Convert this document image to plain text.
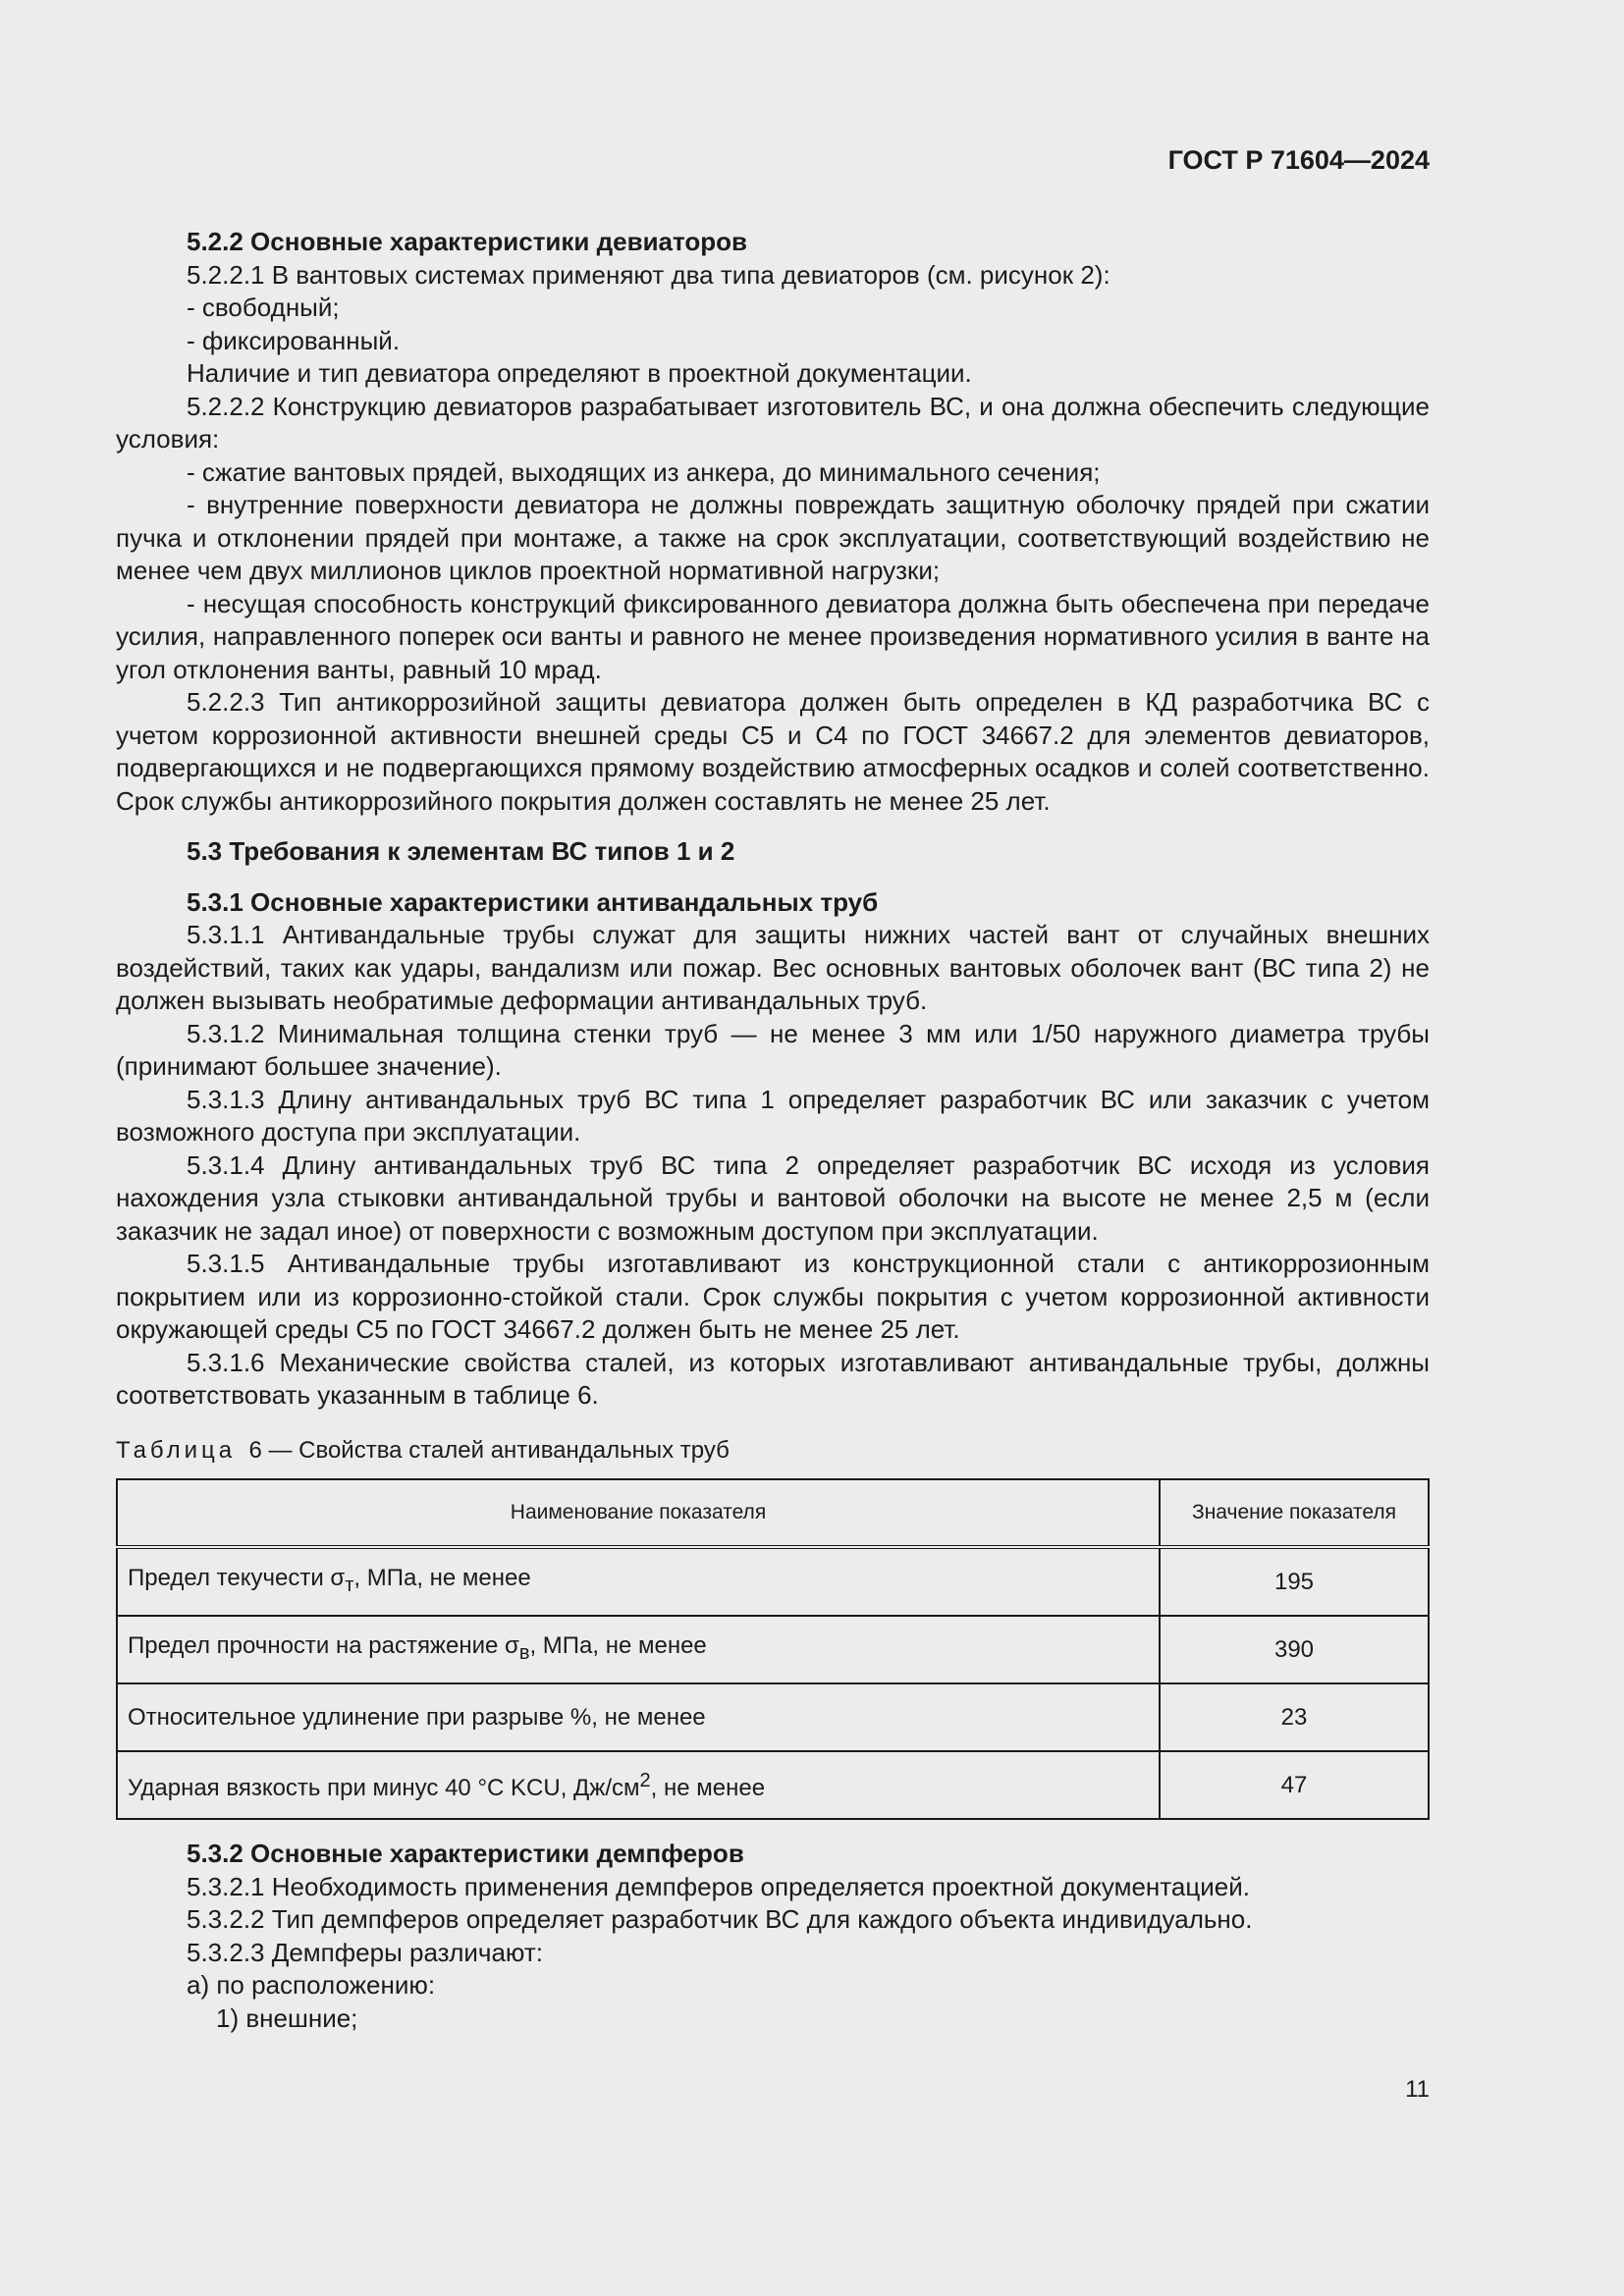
ГОСТ Р 71604—2024

5.2.2 Основные характеристики девиаторов

5.2.2.1 В вантовых системах применяют два типа девиаторов (см. рисунок 2):

- свободный;

- фиксированный.

Наличие и тип девиатора определяют в проектной документации.

5.2.2.2 Конструкцию девиаторов разрабатывает изготовитель ВС, и она должна обеспечить следующие условия:

- сжатие вантовых прядей, выходящих из анкера, до минимального сечения;

- внутренние поверхности девиатора не должны повреждать защитную оболочку прядей при сжатии пучка и отклонении прядей при монтаже, а также на срок эксплуатации, соответствующий воздействию не менее чем двух миллионов циклов проектной нормативной нагрузки;

- несущая способность конструкций фиксированного девиатора должна быть обеспечена при передаче усилия, направленного поперек оси ванты и равного не менее произведения нормативного усилия в ванте на угол отклонения ванты, равный 10 мрад.

5.2.2.3 Тип антикоррозийной защиты девиатора должен быть определен в КД разработчика ВС с учетом коррозионной активности внешней среды С5 и С4 по ГОСТ 34667.2 для элементов девиаторов, подвергающихся и не подвергающихся прямому воздействию атмосферных осадков и солей соответственно. Срок службы антикоррозийного покрытия должен составлять не менее 25 лет.

5.3 Требования к элементам ВС типов 1 и 2

5.3.1 Основные характеристики антивандальных труб

5.3.1.1 Антивандальные трубы служат для защиты нижних частей вант от случайных внешних воздействий, таких как удары, вандализм или пожар. Вес основных вантовых оболочек вант (ВС типа 2) не должен вызывать необратимые деформации антивандальных труб.

5.3.1.2 Минимальная толщина стенки труб — не менее 3 мм или 1/50 наружного диаметра трубы (принимают большее значение).

5.3.1.3 Длину антивандальных труб ВС типа 1 определяет разработчик ВС или заказчик с учетом возможного доступа при эксплуатации.

5.3.1.4 Длину антивандальных труб ВС типа 2 определяет разработчик ВС исходя из условия нахождения узла стыковки антивандальной трубы и вантовой оболочки на высоте не менее 2,5 м (если заказчик не задал иное) от поверхности с возможным доступом при эксплуатации.

5.3.1.5 Антивандальные трубы изготавливают из конструкционной стали с антикоррозионным покрытием или из коррозионно-стойкой стали. Срок службы покрытия с учетом коррозионной активности окружающей среды С5 по ГОСТ 34667.2 должен быть не менее 25 лет.

5.3.1.6 Механические свойства сталей, из которых изготавливают антивандальные трубы, должны соответствовать указанным в таблице 6.

Таблица 6 — Свойства сталей антивандальных труб

Наименование показателя	Значение показателя
Предел текучести $\sigma_т$, МПа, не менее	195
Предел прочности на растяжение $\sigma_в$, МПа, не менее	390
Относительное удлинение при разрыве %, не менее	23
Ударная вязкость при минус 40 °C KCU, $Дж/см^2$, не менее	47

5.3.2 Основные характеристики демпферов

5.3.2.1 Необходимость применения демпферов определяется проектной документацией.

5.3.2.2 Тип демпферов определяет разработчик ВС для каждого объекта индивидуально.

5.3.2.3 Демпферы различают:

а) по расположению:

1) внешние;

11
